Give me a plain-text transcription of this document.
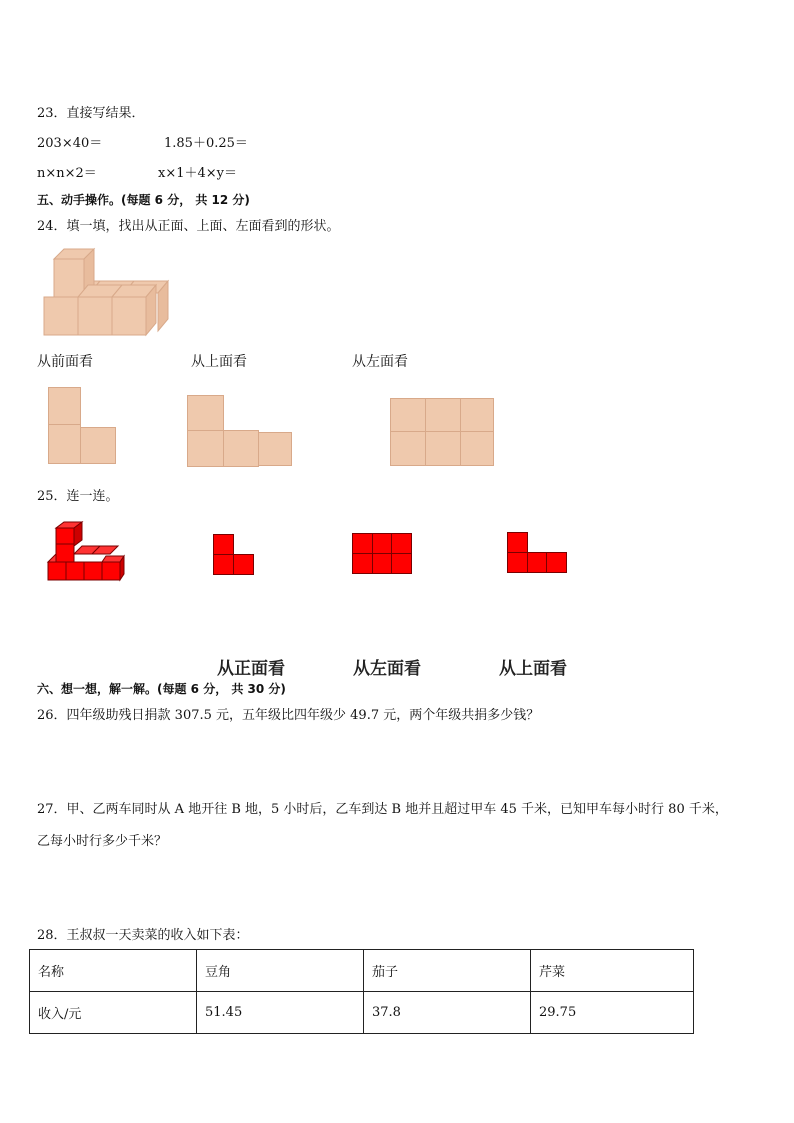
23．直接写结果．
203×40＝	1.85＋0.25＝
n×n×2＝	x×1＋4×y＝
五、动手操作。(每题 6 分， 共 12 分)
24．填一填，找出从正面、上面、左面看到的形状。
从前面看	从上面看	从左面看
25．连一连。
从正面看	从左面看	从上面看
六、想一想，解一解。(每题 6 分， 共 30 分)
26．四年级助残日捐款 307.5 元，五年级比四年级少 49.7 元，两个年级共捐多少钱？
27．甲、乙两车同时从 A 地开往 B 地，5 小时后，乙车到达 B 地并且超过甲车 45 千米，已知甲车每小时行 80 千米，
乙每小时行多少千米？
28．王叔叔一天卖菜的收入如下表：
名称	豆角	茄子	芹菜
收入/元	51.45	37.8	29.75
